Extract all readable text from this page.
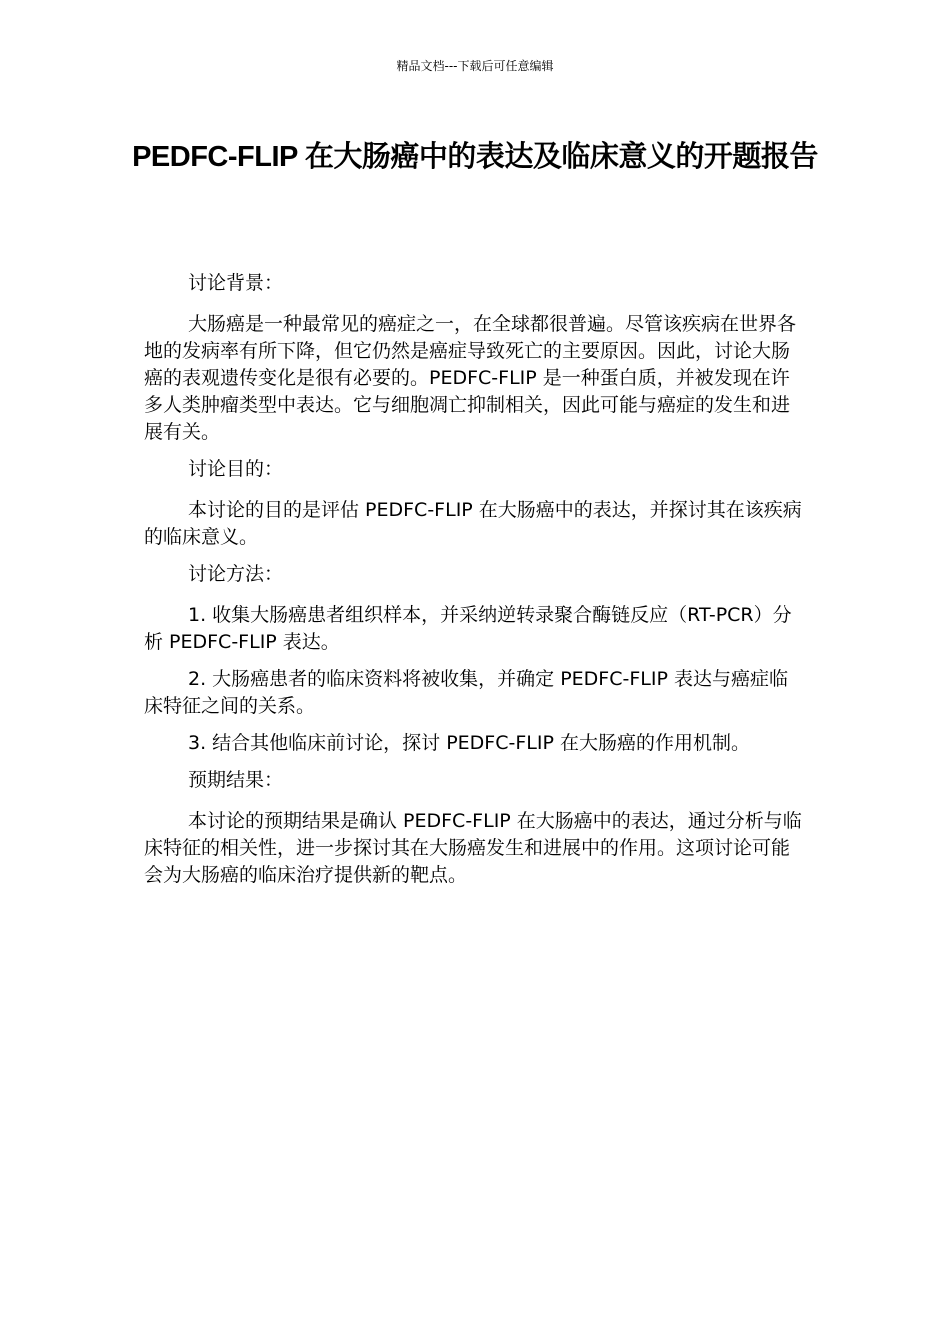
精品文档---下载后可任意编辑
PEDFC-FLIP 在大肠癌中的表达及临床意义的开题报告

讨论背景：

大肠癌是一种最常见的癌症之一，在全球都很普遍。尽管该疾病在世界各地的发病率有所下降，但它仍然是癌症导致死亡的主要原因。因此，讨论大肠癌的表观遗传变化是很有必要的。PEDFC-FLIP 是一种蛋白质，并被发现在许多人类肿瘤类型中表达。它与细胞凋亡抑制相关，因此可能与癌症的发生和进展有关。

讨论目的：

本讨论的目的是评估 PEDFC-FLIP 在大肠癌中的表达，并探讨其在该疾病的临床意义。

讨论方法：

1. 收集大肠癌患者组织样本，并采纳逆转录聚合酶链反应（RT-PCR）分析 PEDFC-FLIP 表达。

2. 大肠癌患者的临床资料将被收集，并确定 PEDFC-FLIP 表达与癌症临床特征之间的关系。

3. 结合其他临床前讨论，探讨 PEDFC-FLIP 在大肠癌的作用机制。

预期结果：

本讨论的预期结果是确认 PEDFC-FLIP 在大肠癌中的表达，通过分析与临床特征的相关性，进一步探讨其在大肠癌发生和进展中的作用。这项讨论可能会为大肠癌的临床治疗提供新的靶点。
